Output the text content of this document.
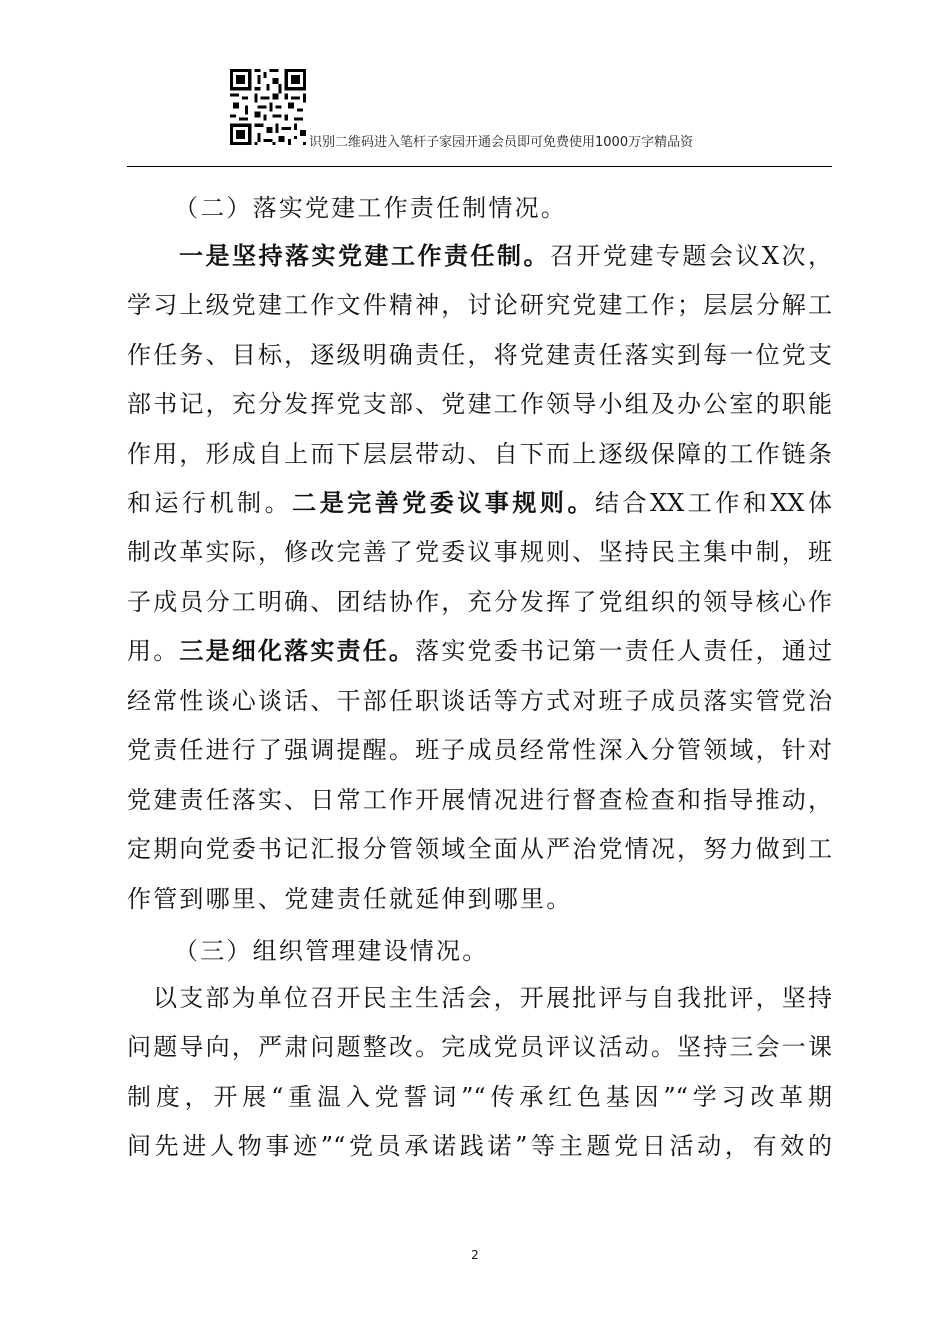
识别二维码进入笔杆子家园开通会员即可免费使用1000万字精品资
（二）落实党建工作责任制情况。
一是坚持落实党建工作责任制。召开党建专题会议X次，
学习上级党建工作文件精神，讨论研究党建工作；层层分解工
作任务、目标，逐级明确责任，将党建责任落实到每一位党支
部书记，充分发挥党支部、党建工作领导小组及办公室的职能
作用，形成自上而下层层带动、自下而上逐级保障的工作链条
和运行机制。二是完善党委议事规则。结合XX工作和XX体
制改革实际，修改完善了党委议事规则、坚持民主集中制，班
子成员分工明确、团结协作，充分发挥了党组织的领导核心作
用。三是细化落实责任。落实党委书记第一责任人责任，通过
经常性谈心谈话、干部任职谈话等方式对班子成员落实管党治
党责任进行了强调提醒。班子成员经常性深入分管领域，针对
党建责任落实、日常工作开展情况进行督查检查和指导推动，
定期向党委书记汇报分管领域全面从严治党情况，努力做到工
作管到哪里、党建责任就延伸到哪里。
（三）组织管理建设情况。
以支部为单位召开民主生活会，开展批评与自我批评，坚持
问题导向，严肃问题整改。完成党员评议活动。坚持三会一课
制度，开展“重温入党誓词”“传承红色基因”“学习改革期
间先进人物事迹”“党员承诺践诺”等主题党日活动，有效的
2
